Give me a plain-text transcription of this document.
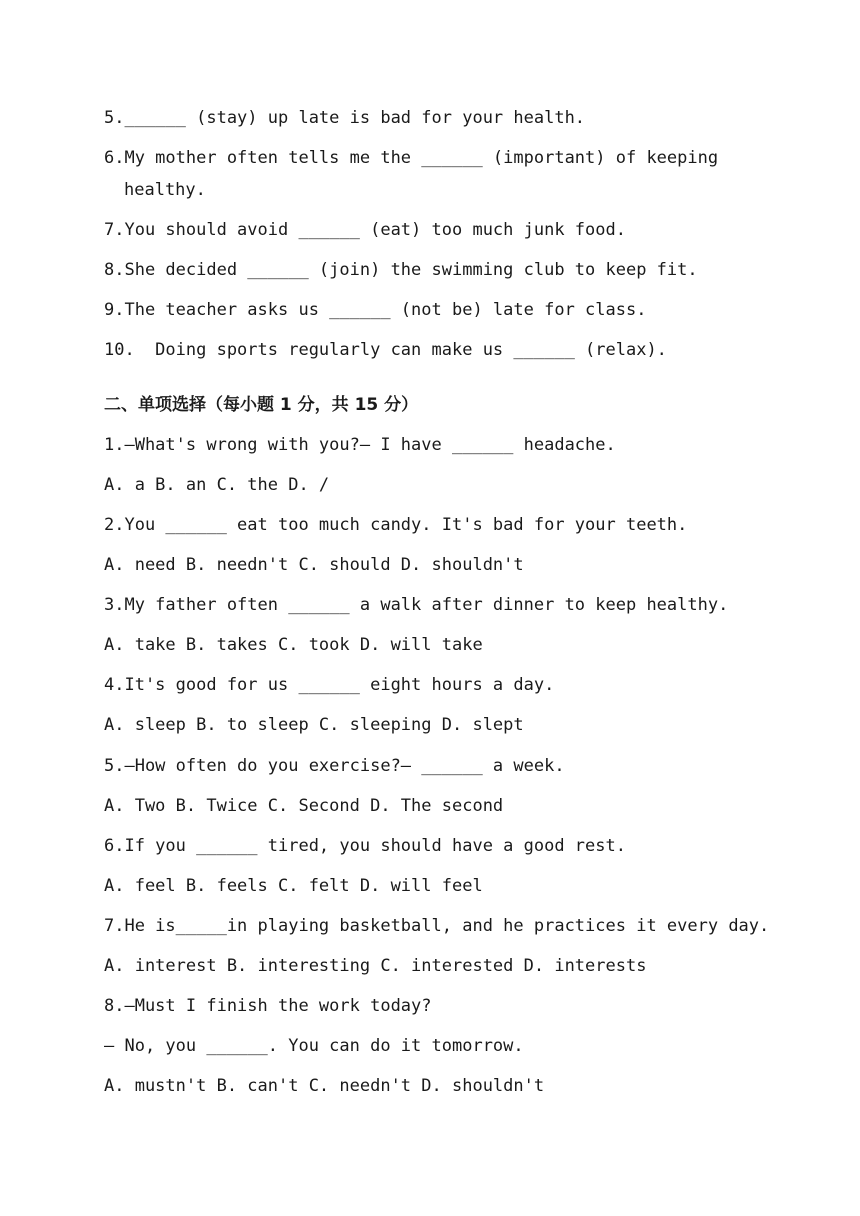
5.______ (stay) up late is bad for your health.
6.My mother often tells me the ______ (important) of keeping
healthy.
7.You should avoid ______ (eat) too much junk food.
8.She decided ______ (join) the swimming club to keep fit.
9.The teacher asks us ______ (not be) late for class.
10.  Doing sports regularly can make us ______ (relax).
二、单项选择（每小题 1 分，共 15 分）
1.—What's wrong with you?— I have ______ headache.
A. a B. an C. the D. /
2.You ______ eat too much candy. It's bad for your teeth.
A. need B. needn't C. should D. shouldn't
3.My father often ______ a walk after dinner to keep healthy.
A. take B. takes C. took D. will take
4.It's good for us ______ eight hours a day.
A. sleep B. to sleep C. sleeping D. slept
5.—How often do you exercise?— ______ a week.
A. Two B. Twice C. Second D. The second
6.If you ______ tired, you should have a good rest.
A. feel B. feels C. felt D. will feel
7.He is_____in playing basketball, and he practices it every day.
A. interest B. interesting C. interested D. interests
8.—Must I finish the work today?
— No, you ______. You can do it tomorrow.
A. mustn't B. can't C. needn't D. shouldn't
